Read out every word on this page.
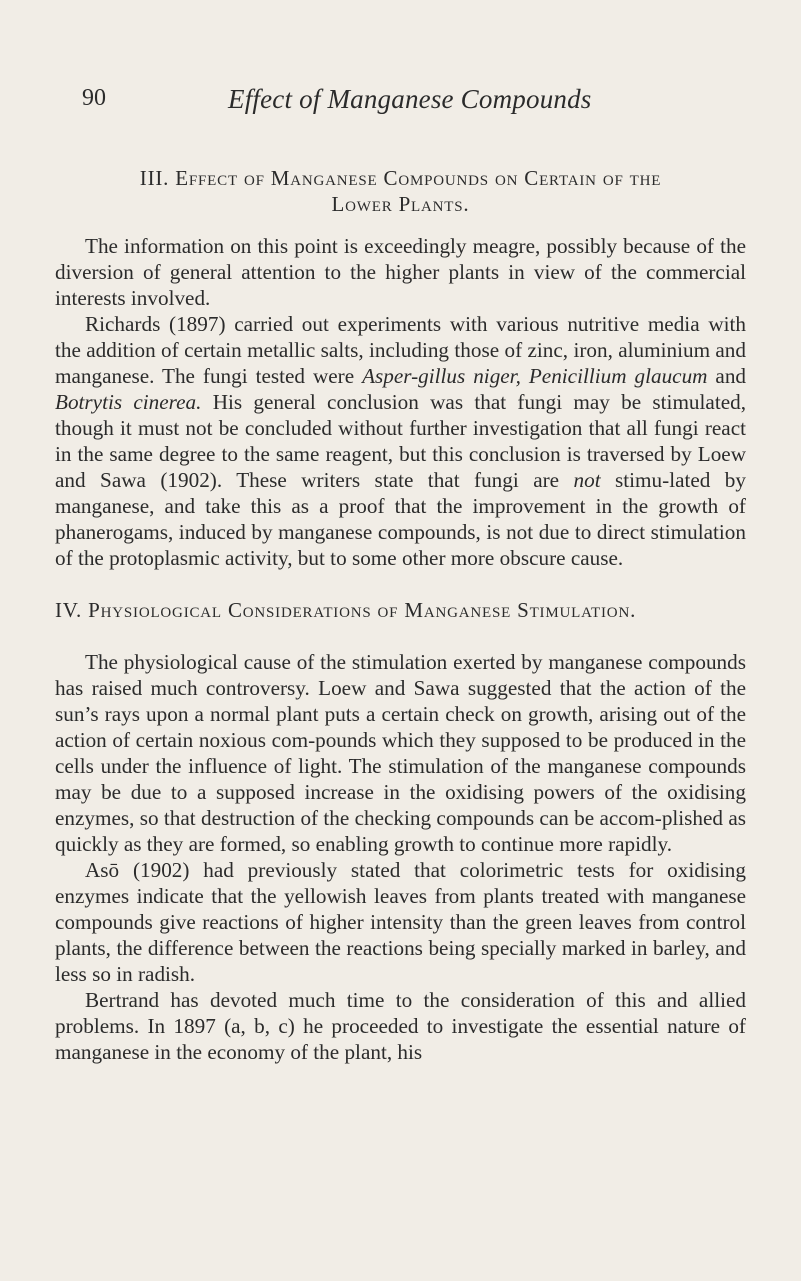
90	Effect of Manganese Compounds
III. Effect of Manganese Compounds on Certain of the
Lower Plants.

The information on this point is exceedingly meagre, possibly because of the diversion of general attention to the higher plants in view of the commercial interests involved.

Richards (1897) carried out experiments with various nutritive media with the addition of certain metallic salts, including those of zinc, iron, aluminium and manganese. The fungi tested were Asper-gillus niger, Penicillium glaucum and Botrytis cinerea. His general conclusion was that fungi may be stimulated, though it must not be concluded without further investigation that all fungi react in the same degree to the same reagent, but this conclusion is traversed by Loew and Sawa (1902). These writers state that fungi are not stimu-lated by manganese, and take this as a proof that the improvement in the growth of phanerogams, induced by manganese compounds, is not due to direct stimulation of the protoplasmic activity, but to some other more obscure cause.

IV. Physiological Considerations of Manganese Stimulation.

The physiological cause of the stimulation exerted by manganese compounds has raised much controversy. Loew and Sawa suggested that the action of the sun’s rays upon a normal plant puts a certain check on growth, arising out of the action of certain noxious com-pounds which they supposed to be produced in the cells under the influence of light. The stimulation of the manganese compounds may be due to a supposed increase in the oxidising powers of the oxidising enzymes, so that destruction of the checking compounds can be accom-plished as quickly as they are formed, so enabling growth to continue more rapidly.

Asō (1902) had previously stated that colorimetric tests for oxidising enzymes indicate that the yellowish leaves from plants treated with manganese compounds give reactions of higher intensity than the green leaves from control plants, the difference between the reactions being specially marked in barley, and less so in radish.

Bertrand has devoted much time to the consideration of this and allied problems. In 1897 (a, b, c) he proceeded to investigate the essential nature of manganese in the economy of the plant, his
